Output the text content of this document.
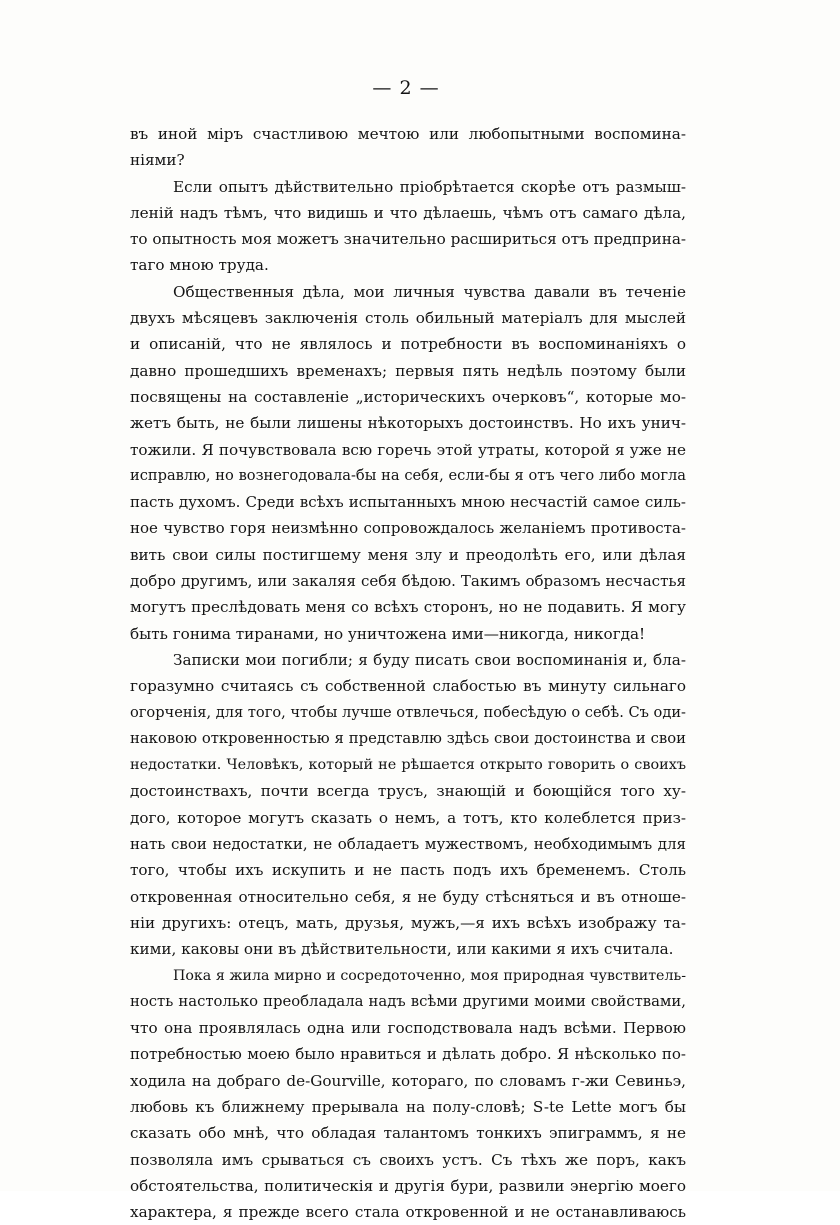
— 2 —
въ иной міръ счастливою мечтою или любопытными воспомина-
ніями?
Если опытъ дѣйствительно пріобрѣтается скорѣе отъ размыш-
леній надъ тѣмъ, что видишь и что дѣлаешь, чѣмъ отъ самаго дѣла,
то опытность моя можетъ значительно расшириться отъ предприна-
таго мною труда.
Общественныя дѣла, мои личныя чувства давали въ теченіе
двухъ мѣсяцевъ заключенія столь обильный матеріалъ для мыслей
и описаній, что не являлось и потребности въ воспоминаніяхъ о
давно прошедшихъ временахъ; первыя пять недѣль поэтому были
посвящены на составленіе „историческихъ очерковъ“, которые мо-
жетъ быть, не были лишены нѣкоторыхъ достоинствъ. Но ихъ унич-
тожили. Я почувствовала всю горечь этой утраты, которой я уже не
исправлю, но вознегодовала-бы на себя, если-бы я отъ чего либо могла
пасть духомъ. Среди всѣхъ испытанныхъ мною несчастій самое силь-
ное чувство горя неизмѣнно сопровождалось желаніемъ противоста-
вить свои силы постигшему меня злу и преодолѣть его, или дѣлая
добро другимъ, или закаляя себя бѣдою. Такимъ образомъ несчастья
могутъ преслѣдовать меня со всѣхъ сторонъ, но не подавить. Я могу
быть гонима тиранами, но уничтожена ими—никогда, никогда!
Записки мои погибли; я буду писать свои воспоминанія и, бла-
горазумно считаясь съ собственной слабостью въ минуту сильнаго
огорченія, для того, чтобы лучше отвлечься, побесѣдую о себѣ. Съ оди-
наковою откровенностью я представлю здѣсь свои достоинства и свои
недостатки. Человѣкъ, который не рѣшается открыто говорить о своихъ
достоинствахъ, почти всегда трусъ, знающій и боющійся того ху-
дого, которое могутъ сказать о немъ, а тотъ, кто колеблется приз-
нать свои недостатки, не обладаетъ мужествомъ, необходимымъ для
того, чтобы ихъ искупить и не пасть подъ ихъ бременемъ. Столь
откровенная относительно себя, я не буду стѣсняться и въ отноше-
ніи другихъ: отецъ, мать, друзья, мужъ,—я ихъ всѣхъ изображу та-
кими, каковы они въ дѣйствительности, или какими я ихъ считала.
Пока я жила мирно и сосредоточенно, моя природная чувствитель-
ность настолько преобладала надъ всѣми другими моими свойствами,
что она проявлялась одна или господствовала надъ всѣми. Первою
потребностью моею было нравиться и дѣлать добро. Я нѣсколько по-
ходила на добраго de-Gourville, котораго, по словамъ г-жи Севиньэ,
любовь къ ближнему прерывала на полу-словѣ; S-te Lette могъ бы
сказать обо мнѣ, что обладая талантомъ тонкихъ эпиграммъ, я не
позволяла имъ срываться съ своихъ устъ. Съ тѣхъ же поръ, какъ
обстоятельства, политическія и другія бури, развили энергію моего
характера, я прежде всего стала откровенной и не останавливаюсь
